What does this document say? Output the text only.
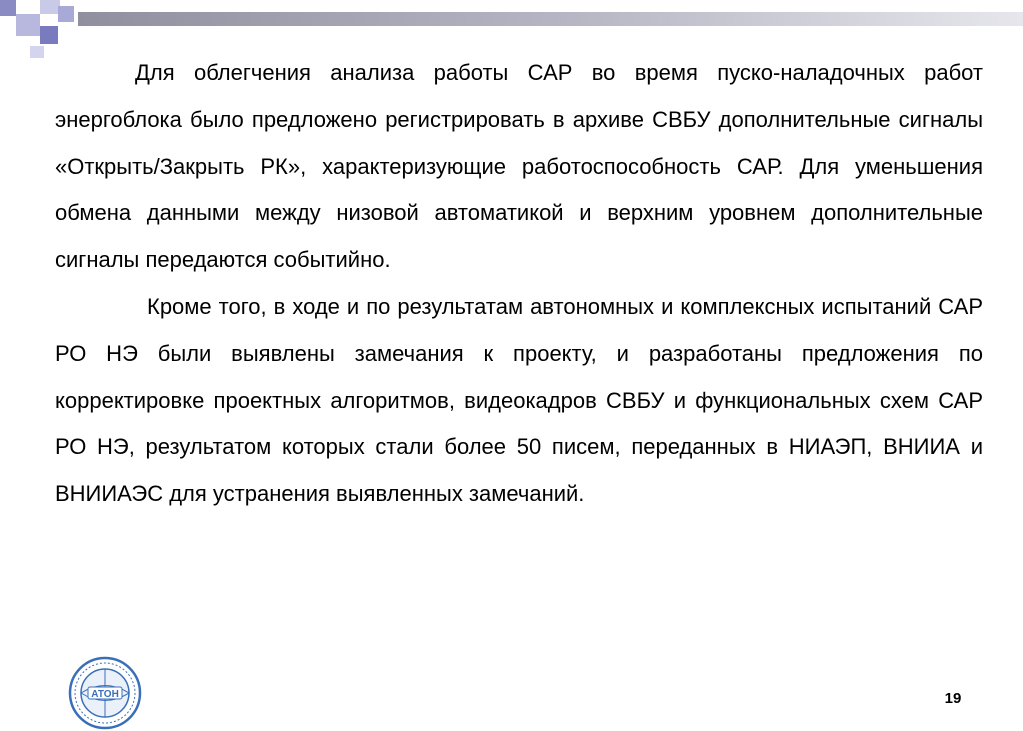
Для облегчения анализа работы САР во время пуско-наладочных работ энергоблока было предложено регистрировать в архиве СВБУ дополнительные сигналы «Открыть/Закрыть РК», характеризующие работоспособность САР. Для уменьшения обмена данными между низовой автоматикой и верхним уровнем дополнительные сигналы передаются событийно.

Кроме того, в ходе и по результатам автономных и комплексных испытаний САР РО НЭ были выявлены замечания к проекту, и разработаны предложения по корректировке проектных алгоритмов, видеокадров СВБУ и функциональных схем САР РО НЭ, результатом которых стали более 50 писем, переданных в НИАЭП, ВНИИА и ВНИИАЭС для устранения выявленных замечаний.

АТОН	19
